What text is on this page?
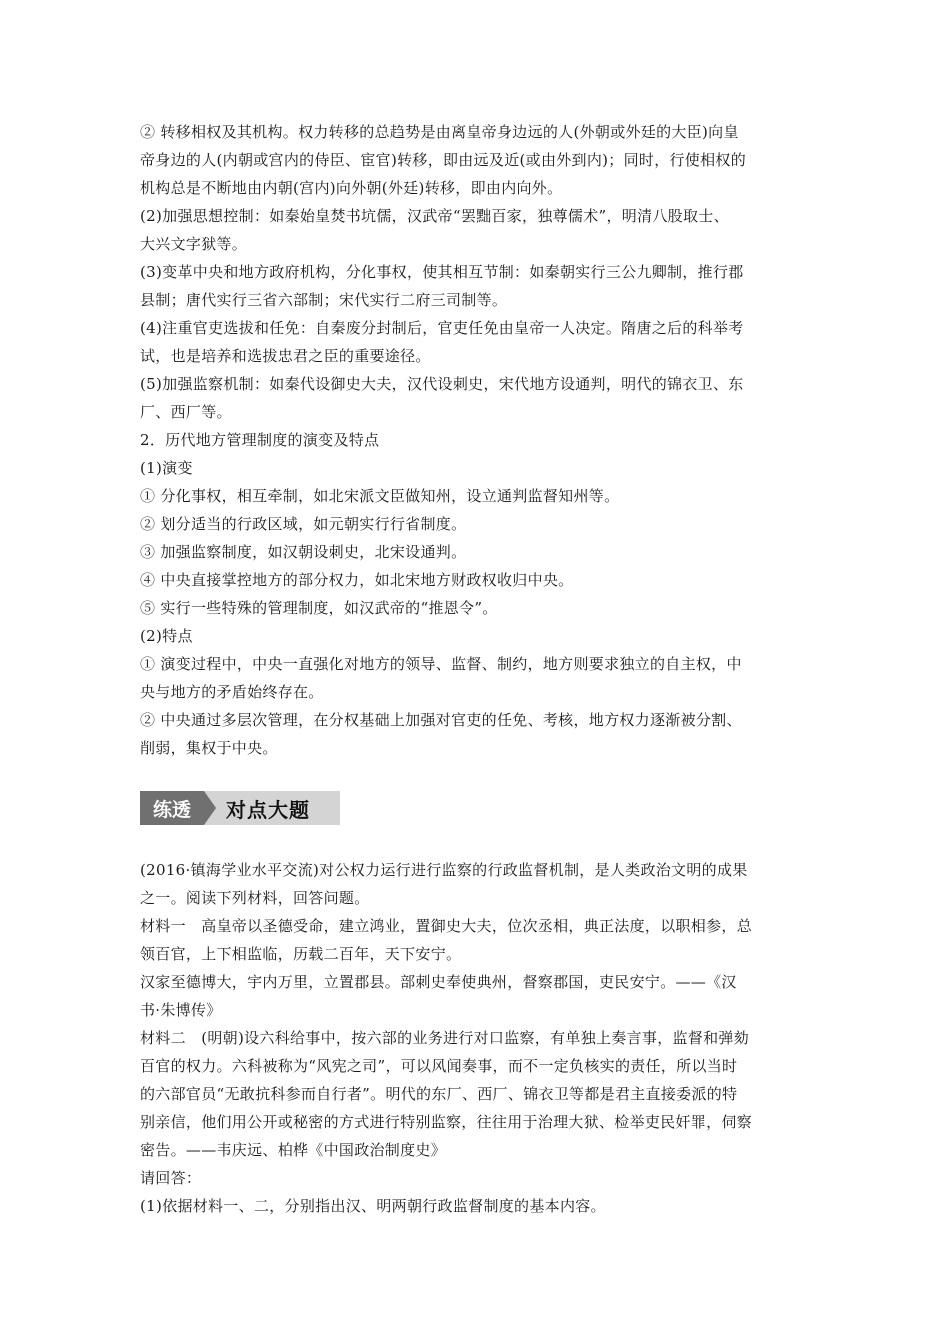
② 转移相权及其机构。权力转移的总趋势是由离皇帝身边远的人(外朝或外廷的大臣)向皇
帝身边的人(内朝或宫内的侍臣、宦官)转移，即由远及近(或由外到内)；同时，行使相权的
机构总是不断地由内朝(宫内)向外朝(外廷)转移，即由内向外。
(2)加强思想控制：如秦始皇焚书坑儒，汉武帝“罢黜百家，独尊儒术”，明清八股取士、
大兴文字狱等。
(3)变革中央和地方政府机构，分化事权，使其相互节制：如秦朝实行三公九卿制，推行郡
县制；唐代实行三省六部制；宋代实行二府三司制等。
(4)注重官吏选拔和任免：自秦废分封制后，官吏任免由皇帝一人决定。隋唐之后的科举考
试，也是培养和选拔忠君之臣的重要途径。
(5)加强监察机制：如秦代设御史大夫，汉代设刺史，宋代地方设通判，明代的锦衣卫、东
厂、西厂等。
2．历代地方管理制度的演变及特点
(1)演变
① 分化事权，相互牵制，如北宋派文臣做知州，设立通判监督知州等。
② 划分适当的行政区域，如元朝实行行省制度。
③ 加强监察制度，如汉朝设刺史，北宋设通判。
④ 中央直接掌控地方的部分权力，如北宋地方财政权收归中央。
⑤ 实行一些特殊的管理制度，如汉武帝的“推恩令”。
(2)特点
① 演变过程中，中央一直强化对地方的领导、监督、制约，地方则要求独立的自主权，中
央与地方的矛盾始终存在。
② 中央通过多层次管理，在分权基础上加强对官吏的任免、考核，地方权力逐渐被分割、
削弱，集权于中央。
练透	对点大题
(2016·镇海学业水平交流)对公权力运行进行监察的行政监督机制，是人类政治文明的成果
之一。阅读下列材料，回答问题。
材料一　高皇帝以圣德受命，建立鸿业，置御史大夫，位次丞相，典正法度，以职相参，总
领百官，上下相监临，历载二百年，天下安宁。
汉家至德博大，宇内万里，立置郡县。部刺史奉使典州，督察郡国，吏民安宁。——《汉
书·朱博传》
材料二　(明朝)设六科给事中，按六部的业务进行对口监察，有单独上奏言事，监督和弹劾
百官的权力。六科被称为“风宪之司”，可以风闻奏事，而不一定负核实的责任，所以当时
的六部官员“无敢抗科参而自行者”。明代的东厂、西厂、锦衣卫等都是君主直接委派的特
别亲信，他们用公开或秘密的方式进行特别监察，往往用于治理大狱、检举吏民奸罪，伺察
密告。——韦庆远、柏桦《中国政治制度史》
请回答：
(1)依据材料一、二，分别指出汉、明两朝行政监督制度的基本内容。
